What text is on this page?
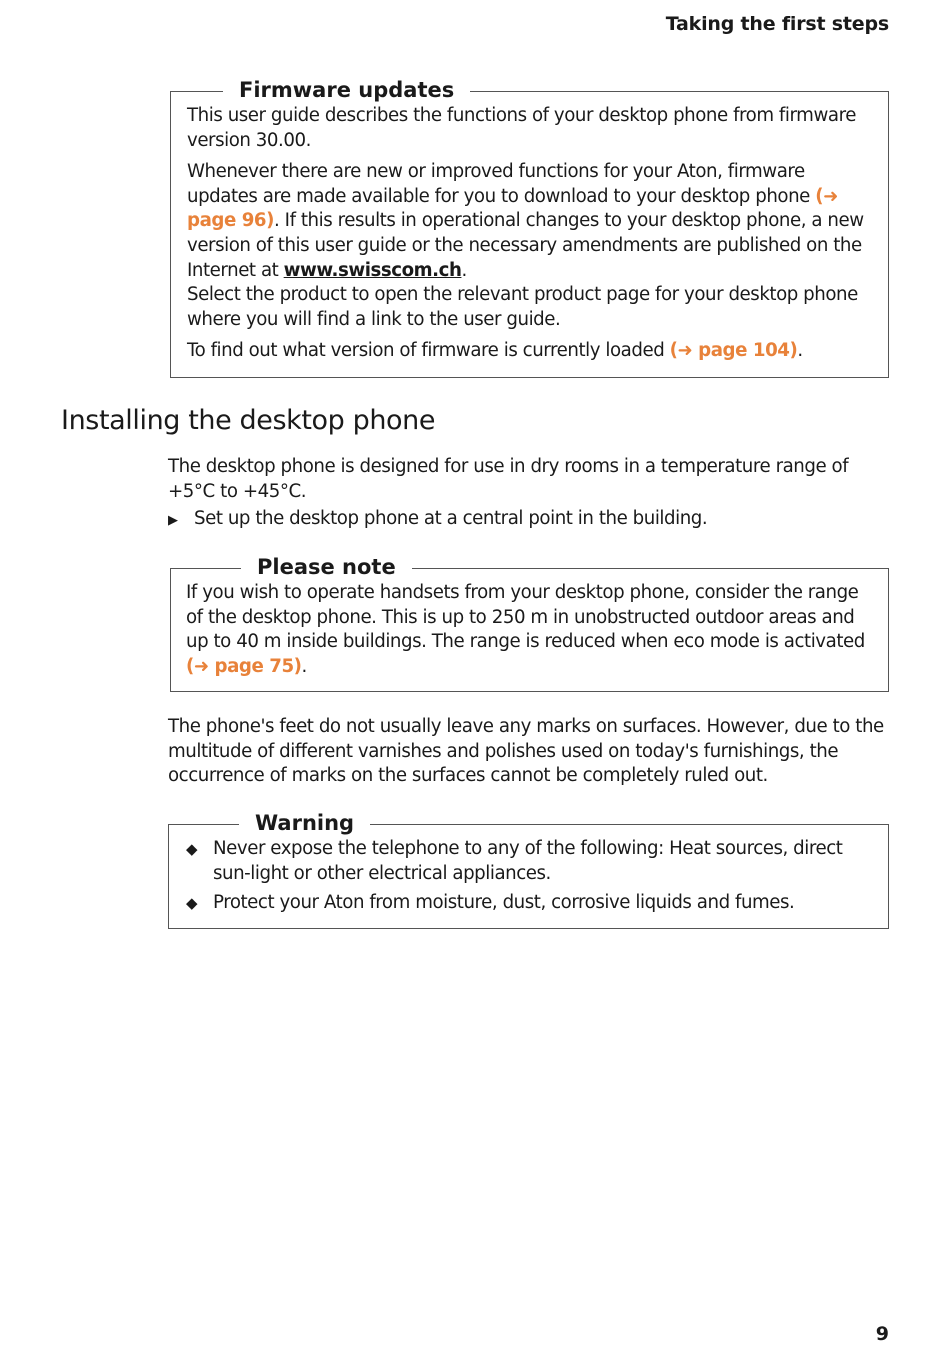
Taking the first steps
Firmware updates

This user guide describes the functions of your desktop phone from firmware version 30.00.

Whenever there are new or improved functions for your Aton, firmware updates are made available for you to download to your desktop phone (➜ page 96). If this results in operational changes to your desktop phone, a new version of this user guide or the necessary amendments are published on the Internet at www.swisscom.ch.

Select the product to open the relevant product page for your desktop phone where you will find a link to the user guide.

To find out what version of firmware is currently loaded (➜ page 104).

Installing the desktop phone

The desktop phone is designed for use in dry rooms in a temperature range of +5°C to +45°C.

▶ Set up the desktop phone at a central point in the building.
Please note

If you wish to operate handsets from your desktop phone, consider the range of the desktop phone. This is up to 250 m in unobstructed outdoor areas and up to 40 m inside buildings. The range is reduced when eco mode is activated (➜ page 75).

The phone's feet do not usually leave any marks on surfaces. However, due to the multitude of different varnishes and polishes used on today's furnishings, the occurrence of marks on the surfaces cannot be completely ruled out.

Warning
◆ Never expose the telephone to any of the following: Heat sources, direct sun-light or other electrical appliances.
◆ Protect your Aton from moisture, dust, corrosive liquids and fumes.
9
